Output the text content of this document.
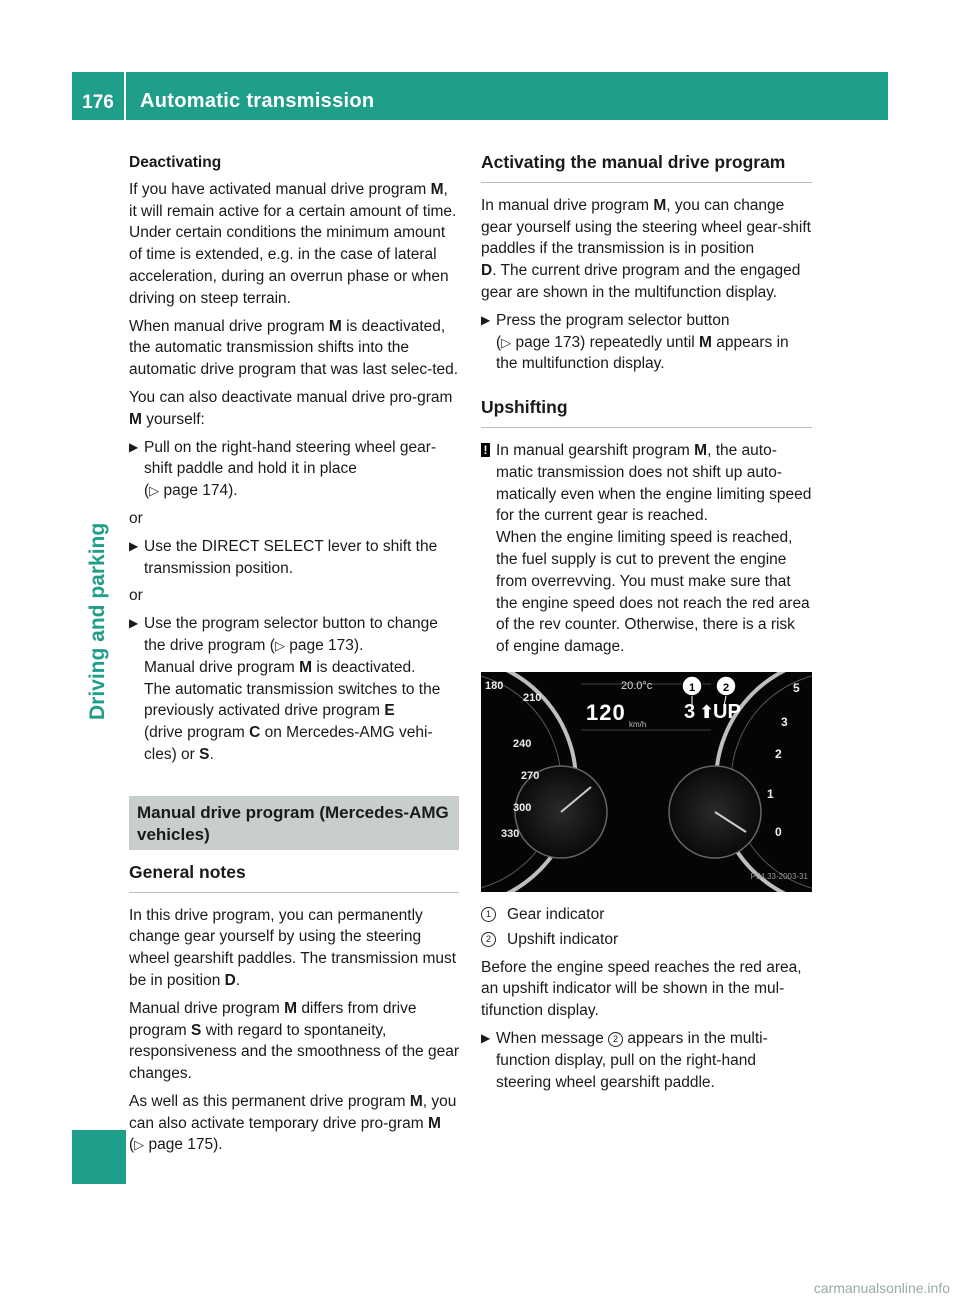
176	Automatic transmission
Driving and parking
Deactivating

If you have activated manual drive program M, it will remain active for a certain amount of time. Under certain conditions the minimum amount of time is extended, e.g. in the case of lateral acceleration, during an overrun phase or when driving on steep terrain.

When manual drive program M is deactivated, the automatic transmission shifts into the automatic drive program that was last selec-ted.

You can also deactivate manual drive pro-gram M yourself:

▶ Pull on the right-hand steering wheel gear-shift paddle and hold it in place
(▷ page 174).

or

▶ Use the DIRECT SELECT lever to shift the transmission position.

or

▶ Use the program selector button to change the drive program (▷ page 173).
Manual drive program M is deactivated.
The automatic transmission switches to the previously activated drive program E
(drive program C on Mercedes-AMG vehi-cles) or S.
Manual drive program (Mercedes-AMG vehicles)
General notes

In this drive program, you can permanently change gear yourself by using the steering wheel gearshift paddles. The transmission must be in position D.

Manual drive program M differs from drive program S with regard to spontaneity, responsiveness and the smoothness of the gear changes.

As well as this permanent drive program M, you can also activate temporary drive pro-gram M (▷ page 175).

Activating the manual drive program

In manual drive program M, you can change gear yourself using the steering wheel gear-shift paddles if the transmission is in position
D. The current drive program and the engaged gear are shown in the multifunction display.

▶ Press the program selector button
(▷ page 173) repeatedly until M appears in the multifunction display.
Upshifting
! In manual gearshift program M, the auto-matic transmission does not shift up auto-matically even when the engine limiting speed for the current gear is reached.
When the engine limiting speed is reached, the fuel supply is cut to prevent the engine from overrevving. You must make sure that the engine speed does not reach the red area of the rev counter. Otherwise, there is a risk of engine damage.
20.0°c
120 km/h
3 ⬆
UP
1	2
210
240
270
300
330
180
3
2
1
0
5
P54.33-2003-31
1	Gear indicator
2	Upshift indicator

Before the engine speed reaches the red area, an upshift indicator will be shown in the mul-tifunction display.

▶ When message 2 appears in the multi-function display, pull on the right-hand steering wheel gearshift paddle.
carmanualsonline.info
